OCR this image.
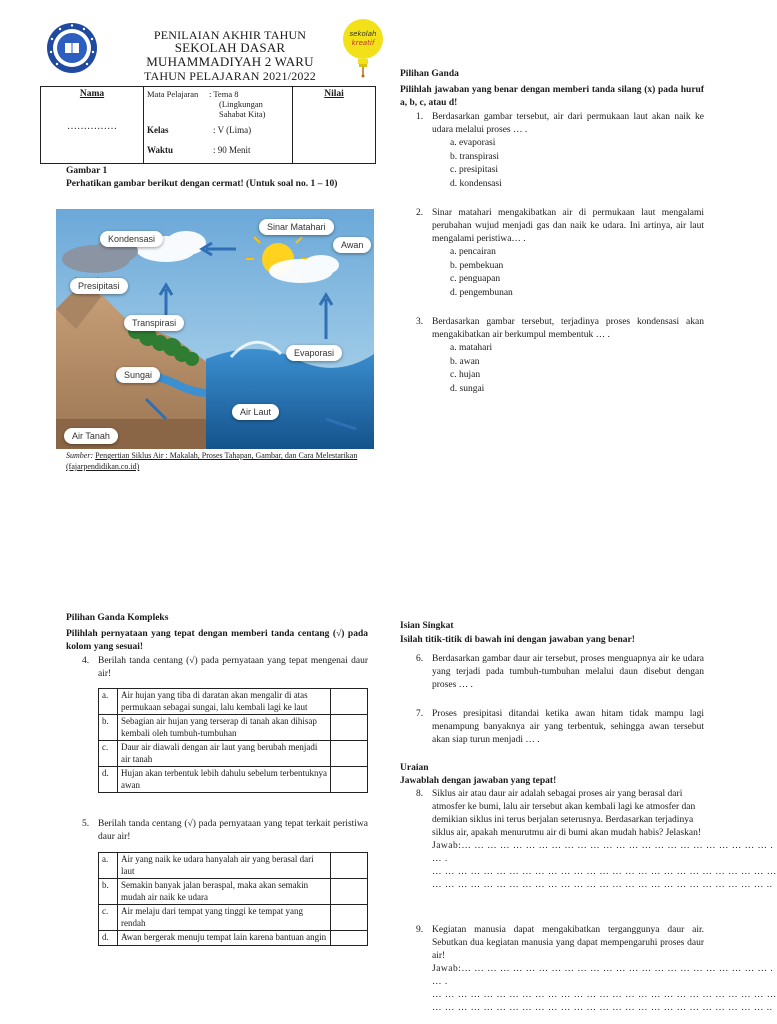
PENILAIAN AKHIR TAHUN
SEKOLAH DASAR
MUHAMMADIYAH 2 WARU
TAHUN PELAJARAN 2021/2022
sekolah
kreatif
Nama
……………

Mata Pelajaran	: Tema 8
(Lingkungan
Sahabat Kita)
Kelas	: V (Lima)
Waktu	: 90 Menit

Nilai
Gambar 1
Perhatikan gambar berikut dengan cermat! (Untuk soal no. 1 – 10)
Kondensasi
Sinar Matahari
Awan
Presipitasi
Transpirasi
Evaporasi
Sungai
Air Laut
Air Tanah
Sumber: Pengertian Siklus Air : Makalah, Proses Tahapan, Gambar, dan Cara Melestarikan (fajarpendidikan.co.id)
Pilihan Ganda
Pilihlah jawaban yang benar dengan memberi tanda silang (x) pada huruf a, b, c, atau d!
1. Berdasarkan gambar tersebut, air dari permukaan laut akan naik ke udara melalui proses … .
a. evaporasi
b. transpirasi
c. presipitasi
d. kondensasi
2. Sinar matahari mengakibatkan air di permukaan laut mengalami perubahan wujud menjadi gas dan naik ke udara. Ini artinya, air laut mengalami peristiwa… .
a. pencairan
b. pembekuan
c. penguapan
d. pengembunan
3. Berdasarkan gambar tersebut, terjadinya proses kondensasi akan mengakibatkan air berkumpul membentuk … .
a. matahari
b. awan
c. hujan
d. sungai
Pilihan Ganda Kompleks
Pilihlah pernyataan yang tepat dengan memberi tanda centang (√) pada kolom yang sesuai!
4. Berilah tanda centang (√) pada pernyataan yang tepat mengenai daur air!
a.	Air hujan yang tiba di daratan akan mengalir di atas permukaan sebagai sungai, lalu kembali lagi ke laut	
b.	Sebagian air hujan yang terserap di tanah akan dihisap kembali oleh tumbuh-tumbuhan	
c.	Daur air diawali dengan air laut yang berubah menjadi air tanah	
d.	Hujan akan terbentuk lebih dahulu sebelum terbentuknya awan	
5. Berilah tanda centang (√) pada pernyataan yang tepat terkait peristiwa daur air!
a.	Air yang naik ke udara hanyalah air yang berasal dari laut	
b.	Semakin banyak jalan beraspal, maka akan semakin mudah air naik ke udara	
c.	Air melaju dari tempat yang tinggi ke tempat yang rendah	
d.	Awan bergerak menuju tempat lain karena bantuan angin	
Isian Singkat
Isilah titik-titik di bawah ini dengan jawaban yang benar!
6. Berdasarkan gambar daur air tersebut, proses menguapnya air ke udara yang terjadi pada tumbuh-tumbuhan melalui daun disebut dengan proses … .
7. Proses presipitasi ditandai ketika awan hitam tidak mampu lagi menampung banyaknya air yang terbentuk, sehingga awan tersebut akan siap turun menjadi … .
Uraian
Jawablah dengan jawaban yang tepat!
8. Siklus air atau daur air adalah sebagai proses air yang berasal dari atmosfer ke bumi, lalu air tersebut akan kembali lagi ke atmosfer dan demikian siklus ini terus berjalan seterusnya. Berdasarkan terjadinya siklus air, apakah menurutmu air di bumi akan mudah habis? Jelaskan!
Jawab:… … … … … … … … … … … … … … … … … … … … … … … … .
… .
… … … … … … … … … … … … … … … … … … … … … … … … … … …
… … … … … … … … … … … … … … … … … … … … … … … … … … ..
9. Kegiatan manusia dapat mengakibatkan terganggunya daur air. Sebutkan dua kegiatan manusia yang dapat mempengaruhi proses daur air!
Jawab:… … … … … … … … … … … … … … … … … … … … … … … … .
… .
… … … … … … … … … … … … … … … … … … … … … … … … … … …
… … … … … … … … … … … … … … … … … … … … … … … … … … ..
